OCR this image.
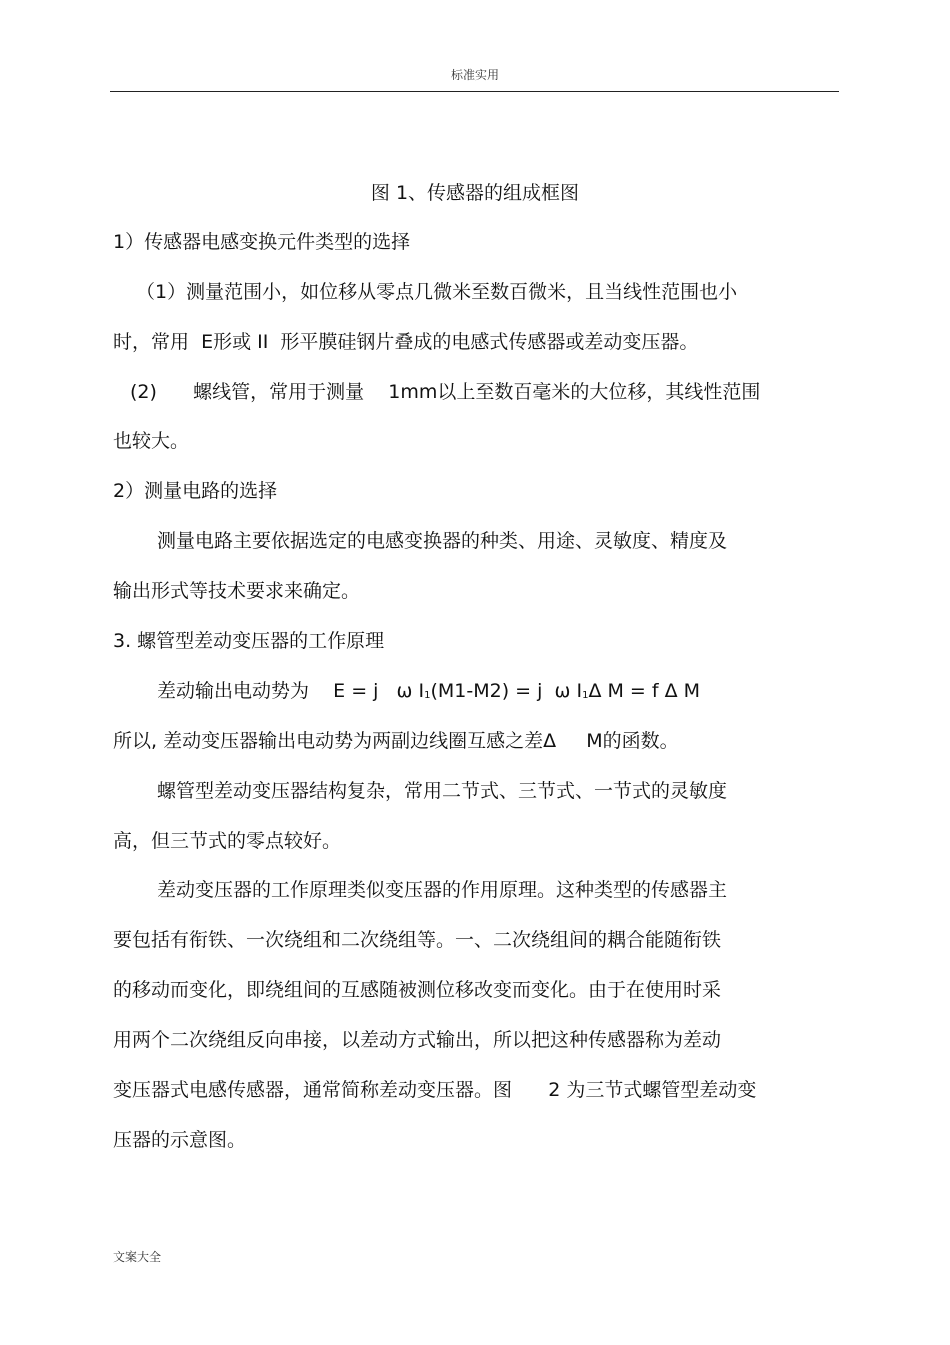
标准实用
图 1、传感器的组成框图
1）传感器电感变换元件类型的选择
（1）测量范围小，如位移从零点几微米至数百微米，且当线性范围也小
时，常用  E形或 II  形平膜硅钢片叠成的电感式传感器或差动变压器。
(2)      螺线管，常用于测量    1mm以上至数百毫米的大位移，其线性范围
也较大。
2）测量电路的选择
测量电路主要依据选定的电感变换器的种类、用途、灵敏度、精度及
输出形式等技术要求来确定。
3. 螺管型差动变压器的工作原理
差动输出电动势为    E = j   ω $I_1(M1-M2) = j$  ω $I_1\Delta$ M = f Δ M
所以, 差动变压器输出电动势为两副边线圈互感之差Δ     M的函数。
螺管型差动变压器结构复杂，常用二节式、三节式、一节式的灵敏度
高，但三节式的零点较好。
差动变压器的工作原理类似变压器的作用原理。这种类型的传感器主
要包括有衔铁、一次绕组和二次绕组等。一、二次绕组间的耦合能随衔铁
的移动而变化，即绕组间的互感随被测位移改变而变化。由于在使用时采
用两个二次绕组反向串接，以差动方式输出，所以把这种传感器称为差动
变压器式电感传感器，通常简称差动变压器。图      2 为三节式螺管型差动变
压器的示意图。
文案大全
